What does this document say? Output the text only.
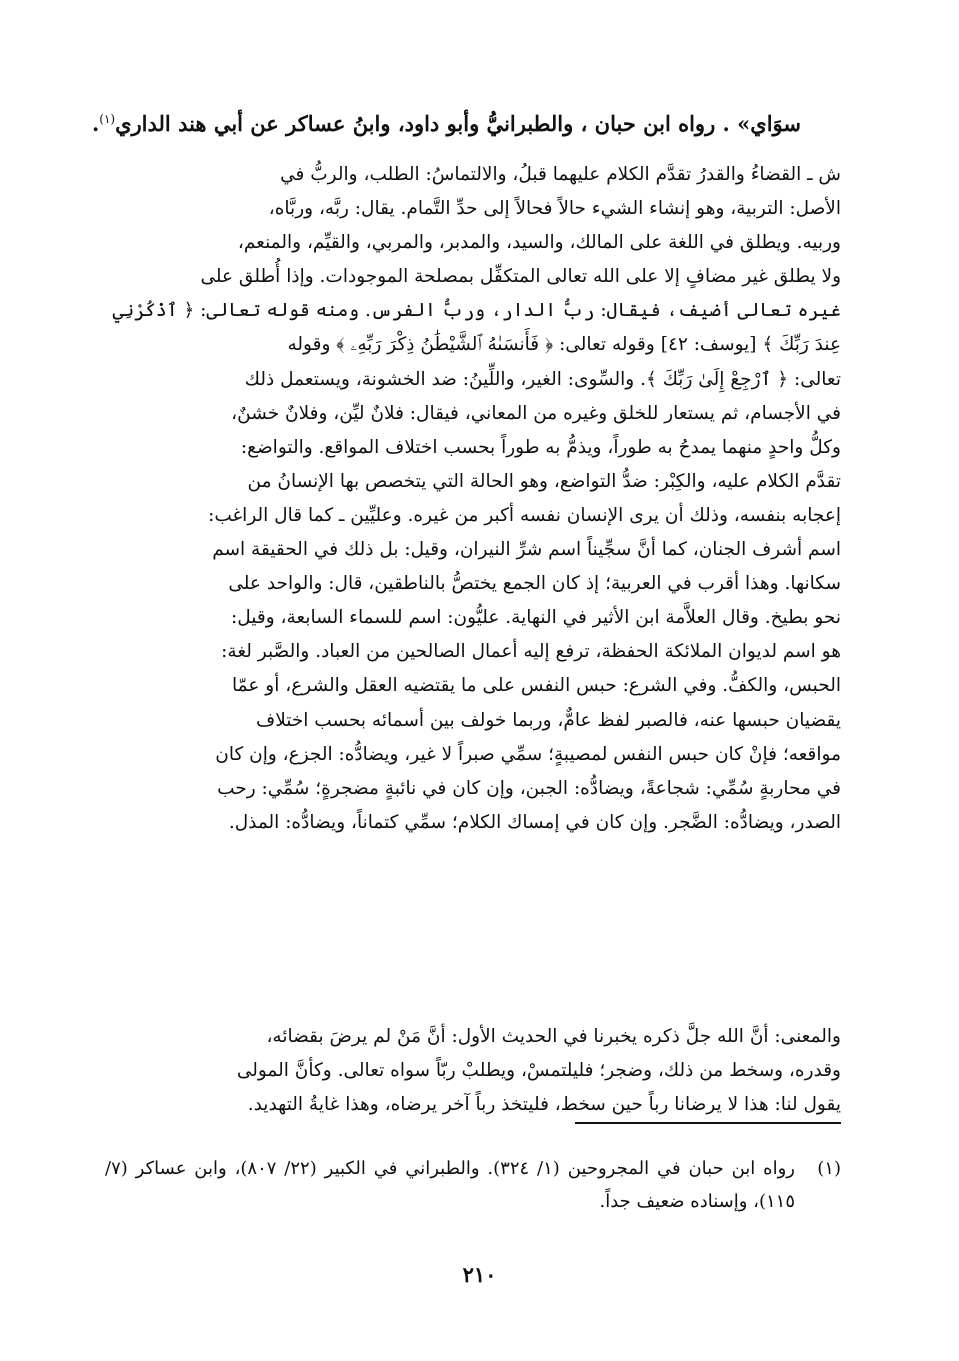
سوَاي» . رواه ابن حبان ، والطبرانيُّ وأبو داود، وابنُ عساكر عن أبي هند الداري$^{(١)}$.

ش ـ القضاءُ والقدرُ تقدَّم الكلام عليهما قبلُ، والالتماسُ: الطلب، والربُّ في

الأصل: التربية، وهو إنشاء الشيء حالاً فحالاً إلى حدِّ التَّمام. يقال: ربَّه، وربَّاه،

وربيه. ويطلق في اللغة على المالك، والسيد، والمدبر، والمربي، والقيِّم، والمنعم،

ولا يطلق غير مضافٍ إلا على الله تعالى المتكفِّل بمصلحة الموجودات. وإذا أُطلق على

غيره تعالى أضيف، فيقال: ربُّ الدار، وربُّ الفرس. ومنه قوله تعالى: ﴿ ٱذْكُرْنِي

عِندَ رَبِّكَ ﴾ [يوسف: ٤٢] وقوله تعالى: ﴿ فَأَنسَىٰهُ ٱلشَّيْطَٰنُ ذِكْرَ رَبِّهِۦ ﴾ وقوله

تعالى: ﴿ ٱرْجِعْ إِلَىٰ رَبِّكَ ﴾. والسِّوى: الغير، واللِّينُ: ضد الخشونة، ويستعمل ذلك

في الأجسام، ثم يستعار للخلق وغيره من المعاني، فيقال: فلانٌ ليِّن، وفلانٌ خشنٌ،

وكلُّ واحدٍ منهما يمدحُ به طوراً، ويذمُّ به طوراً بحسب اختلاف المواقع. والتواضع:

تقدَّم الكلام عليه، والكِبْر: ضدُّ التواضع، وهو الحالة التي يتخصص بها الإنسانُ من

إعجابه بنفسه، وذلك أن يرى الإنسان نفسه أكبر من غيره. وعليِّين ـ كما قال الراغب:

اسم أشرف الجنان، كما أنَّ سجِّيناً اسم شرِّ النيران، وقيل: بل ذلك في الحقيقة اسم

سكانها. وهذا أقرب في العربية؛ إذ كان الجمع يختصُّ بالناطقين، قال: والواحد على

نحو بطيخ. وقال العلاَّمة ابن الأثير في النهاية. عليُّون: اسم للسماء السابعة، وقيل:

هو اسم لديوان الملائكة الحفظة، ترفع إليه أعمال الصالحين من العباد. والصَّبر لغة:

الحبس، والكفُّ. وفي الشرع: حبس النفس على ما يقتضيه العقل والشرع، أو عمّا

يقضيان حبسها عنه، فالصبر لفظ عامٌّ، وربما خولف بين أسمائه بحسب اختلاف

مواقعه؛ فإنْ كان حبس النفس لمصيبةٍ؛ سمِّي صبراً لا غير، ويضادُّه: الجزع، وإن كان

في محاربةٍ سُمِّي: شجاعةً، ويضادُّه: الجبن، وإن كان في نائبةٍ مضجرةٍ؛ سُمِّي: رحب

الصدر، ويضادُّه: الضَّجر. وإن كان في إمساك الكلام؛ سمِّي كتماناً، ويضادُّه: المذل.

والمعنى: أنَّ الله جلَّ ذكره يخبرنا في الحديث الأول: أنَّ مَنْ لم يرضَ بقضائه،

وقدره، وسخط من ذلك، وضجر؛ فليلتمسْ، ويطلبْ ربّاً سواه تعالى. وكأنَّ المولى

يقول لنا: هذا لا يرضانا رباً حين سخط، فليتخذ رباً آخر يرضاه، وهذا غايةُ التهديد.

(١)
رواه ابن حبان في المجروحين (١/ ٣٢٤). والطبراني في الكبير (٢٢/ ٨٠٧)، وابن عساكر (٧/ ١١٥)، وإسناده ضعيف جداً.
٢١٠
